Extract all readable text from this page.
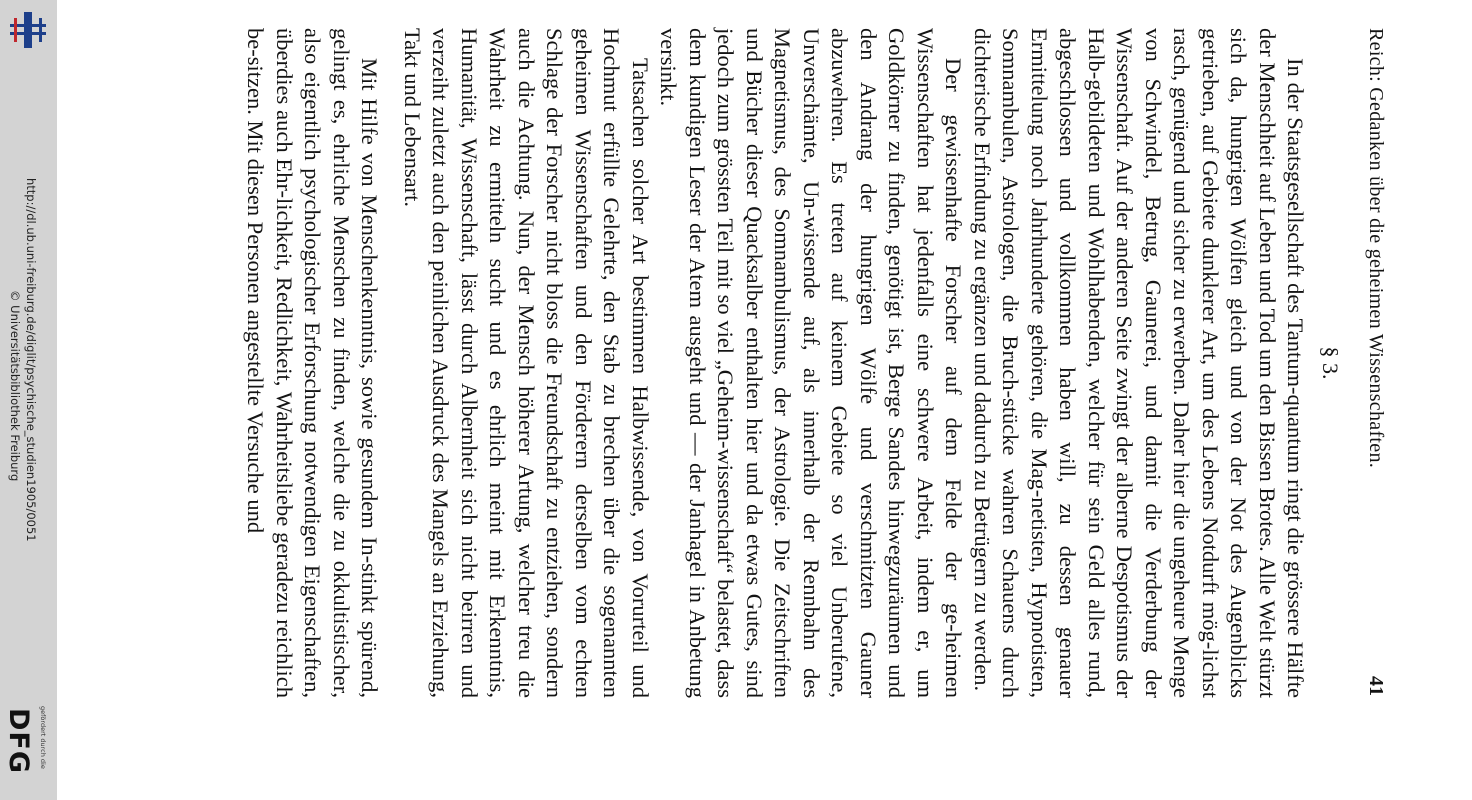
http://dl.ub.uni-freiburg.de/diglit/psychische_studien1905/0051
© Universitätsbibliothek Freiburg
gefördert durch die
DFG
Reich: Gedanken über die geheimen Wissenschaften.
41
§ 3.

In der Staatsgesellschaft des Tantum-quantum ringt die grössere Hälfte der Menschheit auf Leben und Tod um den Bissen Brotes. Alle Welt stürzt sich da, hungrigen Wölfen gleich und von der Not des Augenblicks getrieben, auf Gebiete dunklerer Art, um des Lebens Notdurft mög-lichst rasch, genügend und sicher zu erwerben. Daher hier die ungeheure Menge von Schwindel, Betrug, Gaunerei, und damit die Verderbung der Wissenschaft. Auf der anderen Seite zwingt der alberne Despotismus der Halb-gebildeten und Wohlhabenden, welcher für sein Geld alles rund, abgeschlossen und vollkommen haben will, zu dessen genauer Ermittelung noch Jahrhunderte gehören, die Mag-netisten, Hypnotisten, Somnambulen, Astrologen, die Bruch-stücke wahren Schauens durch dichterische Erfindung zu ergänzen und dadurch zu Betrügern zu werden.

Der gewissenhafte Forscher auf dem Felde der ge-heimen Wissenschaften hat jedenfalls eine schwere Arbeit, indem er, um Goldkörner zu finden, genötigt ist, Berge Sandes hinwegzuräumen und den Andrang der hungrigen Wölfe und verschmitzten Gauner abzuwehren. Es treten auf keinem Gebiete so viel Unberufene, Unverschämte, Un-wissende auf, als innerhalb der Rennbahn des Magnetismus, des Somnambulismus, der Astrologie. Die Zeitschriften und Bücher dieser Quacksalber enthalten hier und da etwas Gutes, sind jedoch zum grössten Teil mit so viel „Geheim-wissenschaft“ belastet, dass dem kundigen Leser der Atem ausgeht und — der Janhagel in Anbetung versinkt.

Tatsachen solcher Art bestimmen Halbwissende, von Vorurteil und Hochmut erfüllte Gelehrte, den Stab zu brechen über die sogenannten geheimen Wissenschaften und den Förderern derselben vom echten Schlage der Forscher nicht bloss die Freundschaft zu entziehen, sondern auch die Achtung. Nun, der Mensch höherer Artung, welcher treu die Wahrheit zu ermitteln sucht und es ehrlich meint mit Erkenntnis, Humanität, Wissenschaft, lässt durch Albernheit sich nicht beirren und verzeiht zuletzt auch den peinlichen Ausdruck des Mangels an Erziehung, Takt und Lebensart.

Mit Hilfe von Menschenkenntnis, sowie gesundem In-stinkt spürend, gelingt es, ehrliche Menschen zu finden, welche die zu okkultistischer, also eigentlich psychologischer Erforschung notwendigen Eigenschaften, überdies auch Ehr-lichkeit, Redlichkeit, Wahrheitsliebe geradezu reichlich be-sitzen. Mit diesen Personen angestellte Versuche und
